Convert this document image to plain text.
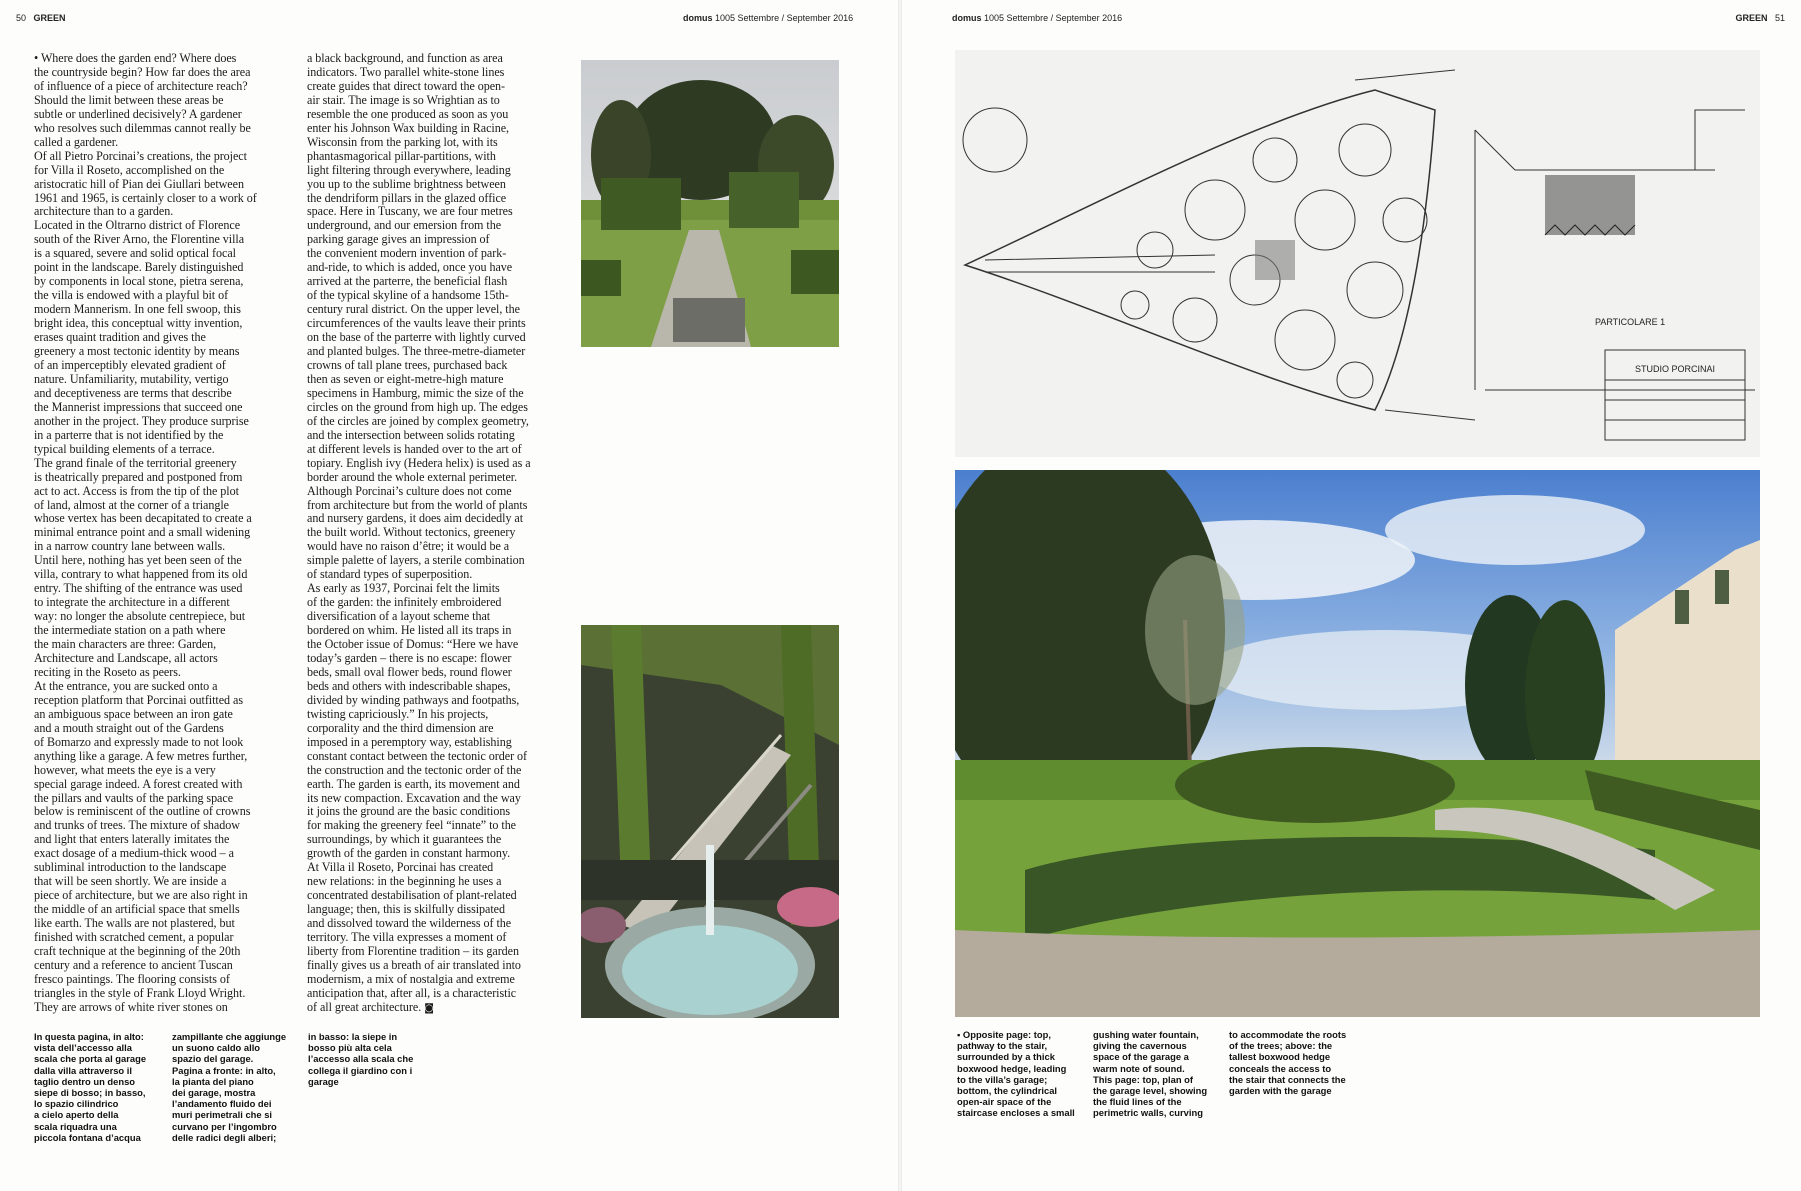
50 GREEN	domus 1005 Settembre / September 2016	domus 1005 Settembre / September 2016	GREEN 51
• Where does the garden end? Where does
the countryside begin? How far does the area
of influence of a piece of architecture reach?
Should the limit between these areas be
subtle or underlined decisively? A gardener
who resolves such dilemmas cannot really be
called a gardener.
Of all Pietro Porcinai’s creations, the project
for Villa il Roseto, accomplished on the
aristocratic hill of Pian dei Giullari between
1961 and 1965, is certainly closer to a work of
architecture than to a garden.
Located in the Oltrarno district of Florence
south of the River Arno, the Florentine villa
is a squared, severe and solid optical focal
point in the landscape. Barely distinguished
by components in local stone, pietra serena,
the villa is endowed with a playful bit of
modern Mannerism. In one fell swoop, this
bright idea, this conceptual witty invention,
erases quaint tradition and gives the
greenery a most tectonic identity by means
of an imperceptibly elevated gradient of
nature. Unfamiliarity, mutability, vertigo
and deceptiveness are terms that describe
the Mannerist impressions that succeed one
another in the project. They produce surprise
in a parterre that is not identified by the
typical building elements of a terrace.
The grand finale of the territorial greenery
is theatrically prepared and postponed from
act to act. Access is from the tip of the plot
of land, almost at the corner of a triangle
whose vertex has been decapitated to create a
minimal entrance point and a small widening
in a narrow country lane between walls.
Until here, nothing has yet been seen of the
villa, contrary to what happened from its old
entry. The shifting of the entrance was used
to integrate the architecture in a different
way: no longer the absolute centrepiece, but
the intermediate station on a path where
the main characters are three: Garden,
Architecture and Landscape, all actors
reciting in the Roseto as peers.
At the entrance, you are sucked onto a
reception platform that Porcinai outfitted as
an ambiguous space between an iron gate
and a mouth straight out of the Gardens
of Bomarzo and expressly made to not look
anything like a garage. A few metres further,
however, what meets the eye is a very
special garage indeed. A forest created with
the pillars and vaults of the parking space
below is reminiscent of the outline of crowns
and trunks of trees. The mixture of shadow
and light that enters laterally imitates the
exact dosage of a medium-thick wood – a
subliminal introduction to the landscape
that will be seen shortly. We are inside a
piece of architecture, but we are also right in
the middle of an artificial space that smells
like earth. The walls are not plastered, but
finished with scratched cement, a popular
craft technique at the beginning of the 20th
century and a reference to ancient Tuscan
fresco paintings. The flooring consists of
triangles in the style of Frank Lloyd Wright.
They are arrows of white river stones on
a black background, and function as area
indicators. Two parallel white-stone lines
create guides that direct toward the open-
air stair. The image is so Wrightian as to
resemble the one produced as soon as you
enter his Johnson Wax building in Racine,
Wisconsin from the parking lot, with its
phantasmagorical pillar-partitions, with
light filtering through everywhere, leading
you up to the sublime brightness between
the dendriform pillars in the glazed office
space. Here in Tuscany, we are four metres
underground, and our emersion from the
parking garage gives an impression of
the convenient modern invention of park-
and-ride, to which is added, once you have
arrived at the parterre, the beneficial flash
of the typical skyline of a handsome 15th-
century rural district. On the upper level, the
circumferences of the vaults leave their prints
on the base of the parterre with lightly curved
and planted bulges. The three-metre-diameter
crowns of tall plane trees, purchased back
then as seven or eight-metre-high mature
specimens in Hamburg, mimic the size of the
circles on the ground from high up. The edges
of the circles are joined by complex geometry,
and the intersection between solids rotating
at different levels is handed over to the art of
topiary. English ivy (Hedera helix) is used as a
border around the whole external perimeter.
Although Porcinai’s culture does not come
from architecture but from the world of plants
and nursery gardens, it does aim decidedly at
the built world. Without tectonics, greenery
would have no raison d’être; it would be a
simple palette of layers, a sterile combination
of standard types of superposition.
As early as 1937, Porcinai felt the limits
of the garden: the infinitely embroidered
diversification of a layout scheme that
bordered on whim. He listed all its traps in
the October issue of Domus: “Here we have
today’s garden – there is no escape: flower
beds, small oval flower beds, round flower
beds and others with indescribable shapes,
divided by winding pathways and footpaths,
twisting capriciously.” In his projects,
corporality and the third dimension are
imposed in a peremptory way, establishing
constant contact between the tectonic order of
the construction and the tectonic order of the
earth. The garden is earth, its movement and
its new compaction. Excavation and the way
it joins the ground are the basic conditions
for making the greenery feel “innate” to the
surroundings, by which it guarantees the
growth of the garden in constant harmony.
At Villa il Roseto, Porcinai has created
new relations: in the beginning he uses a
concentrated destabilisation of plant-related
language; then, this is skilfully dissipated
and dissolved toward the wilderness of the
territory. The villa expresses a moment of
liberty from Florentine tradition – its garden
finally gives us a breath of air translated into
modernism, a mix of nostalgia and extreme
anticipation that, after all, is a characteristic
of all great architecture. ◙
STUDIO PORCINAI
PARTICOLARE 1
In questa pagina, in alto:
vista dell’accesso alla
scala che porta al garage
dalla villa attraverso il
taglio dentro un denso
siepe di bosso; in basso,
lo spazio cilindrico
a cielo aperto della
scala riquadra una
piccola fontana d’acqua
zampillante che aggiunge
un suono caldo allo
spazio del garage.
Pagina a fronte: in alto,
la pianta del piano
dei garage, mostra
l’andamento fluido dei
muri perimetrali che si
curvano per l’ingombro
delle radici degli alberi;
in basso: la siepe in
bosso più alta cela
l’accesso alla scala che
collega il giardino con i
garage
▪ Opposite page: top,
pathway to the stair,
surrounded by a thick
boxwood hedge, leading
to the villa’s garage;
bottom, the cylindrical
open-air space of the
staircase encloses a small
gushing water fountain,
giving the cavernous
space of the garage a
warm note of sound.
This page: top, plan of
the garage level, showing
the fluid lines of the
perimetric walls, curving
to accommodate the roots
of the trees; above: the
tallest boxwood hedge
conceals the access to
the stair that connects the
garden with the garage
